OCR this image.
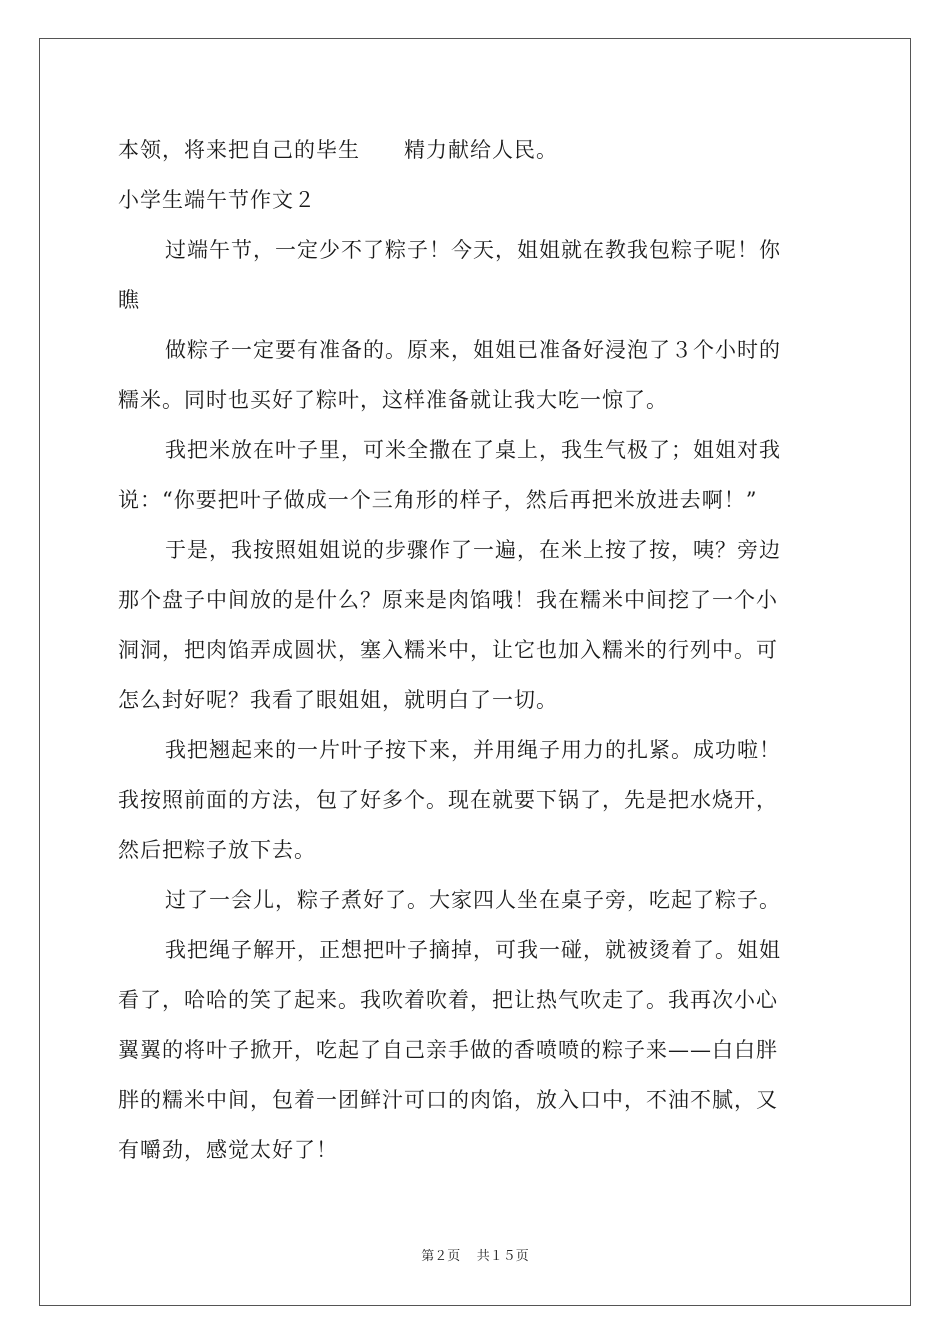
本领，将来把自己的毕生　　精力献给人民。
小学生端午节作文２
过端午节，一定少不了粽子！今天，姐姐就在教我包粽子呢！你
瞧
做粽子一定要有准备的。原来，姐姐已准备好浸泡了３个小时的
糯米。同时也买好了粽叶，这样准备就让我大吃一惊了。
我把米放在叶子里，可米全撒在了桌上，我生气极了；姐姐对我
说：“你要把叶子做成一个三角形的样子，然后再把米放进去啊！”
于是，我按照姐姐说的步骤作了一遍，在米上按了按，咦？旁边
那个盘子中间放的是什么？原来是肉馅哦！我在糯米中间挖了一个小
洞洞，把肉馅弄成圆状，塞入糯米中，让它也加入糯米的行列中。可
怎么封好呢？我看了眼姐姐，就明白了一切。
我把翘起来的一片叶子按下来，并用绳子用力的扎紧。成功啦！
我按照前面的方法，包了好多个。现在就要下锅了，先是把水烧开，
然后把粽子放下去。
过了一会儿，粽子煮好了。大家四人坐在桌子旁，吃起了粽子。
我把绳子解开，正想把叶子摘掉，可我一碰，就被烫着了。姐姐
看了，哈哈的笑了起来。我吹着吹着，把让热气吹走了。我再次小心
翼翼的将叶子掀开，吃起了自己亲手做的香喷喷的粽子来——白白胖
胖的糯米中间，包着一团鲜汁可口的肉馅，放入口中，不油不腻，又
有嚼劲，感觉太好了！
第２页 共１５页
